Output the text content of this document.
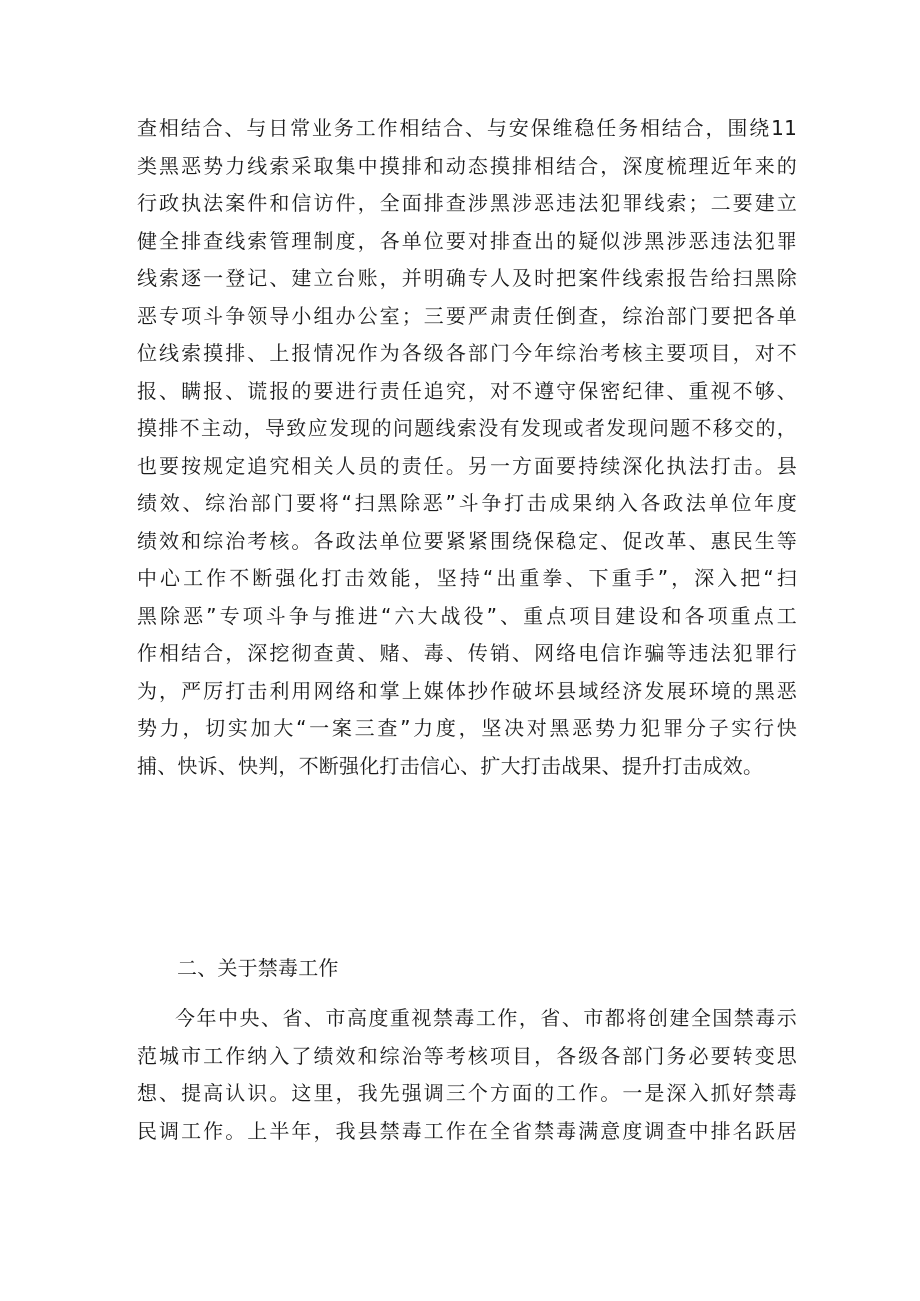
查相结合、与日常业务工作相结合、与安保维稳任务相结合，围绕11
类黑恶势力线索采取集中摸排和动态摸排相结合，深度梳理近年来的
行政执法案件和信访件，全面排查涉黑涉恶违法犯罪线索；二要建立
健全排查线索管理制度，各单位要对排查出的疑似涉黑涉恶违法犯罪
线索逐一登记、建立台账，并明确专人及时把案件线索报告给扫黑除
恶专项斗争领导小组办公室；三要严肃责任倒查，综治部门要把各单
位线索摸排、上报情况作为各级各部门今年综治考核主要项目，对不
报、瞒报、谎报的要进行责任追究，对不遵守保密纪律、重视不够、
摸排不主动，导致应发现的问题线索没有发现或者发现问题不移交的，
也要按规定追究相关人员的责任。另一方面要持续深化执法打击。县
绩效、综治部门要将“扫黑除恶”斗争打击成果纳入各政法单位年度
绩效和综治考核。各政法单位要紧紧围绕保稳定、促改革、惠民生等
中心工作不断强化打击效能，坚持“出重拳、下重手”，深入把“扫
黑除恶”专项斗争与推进“六大战役”、重点项目建设和各项重点工
作相结合，深挖彻查黄、赌、毒、传销、网络电信诈骗等违法犯罪行
为，严厉打击利用网络和掌上媒体抄作破坏县域经济发展环境的黑恶
势力，切实加大“一案三查”力度，坚决对黑恶势力犯罪分子实行快
捕、快诉、快判，不断强化打击信心、扩大打击战果、提升打击成效。
二、关于禁毒工作
今年中央、省、市高度重视禁毒工作，省、市都将创建全国禁毒示
范城市工作纳入了绩效和综治等考核项目，各级各部门务必要转变思
想、提高认识。这里，我先强调三个方面的工作。一是深入抓好禁毒
民调工作。上半年，我县禁毒工作在全省禁毒满意度调查中排名跃居
